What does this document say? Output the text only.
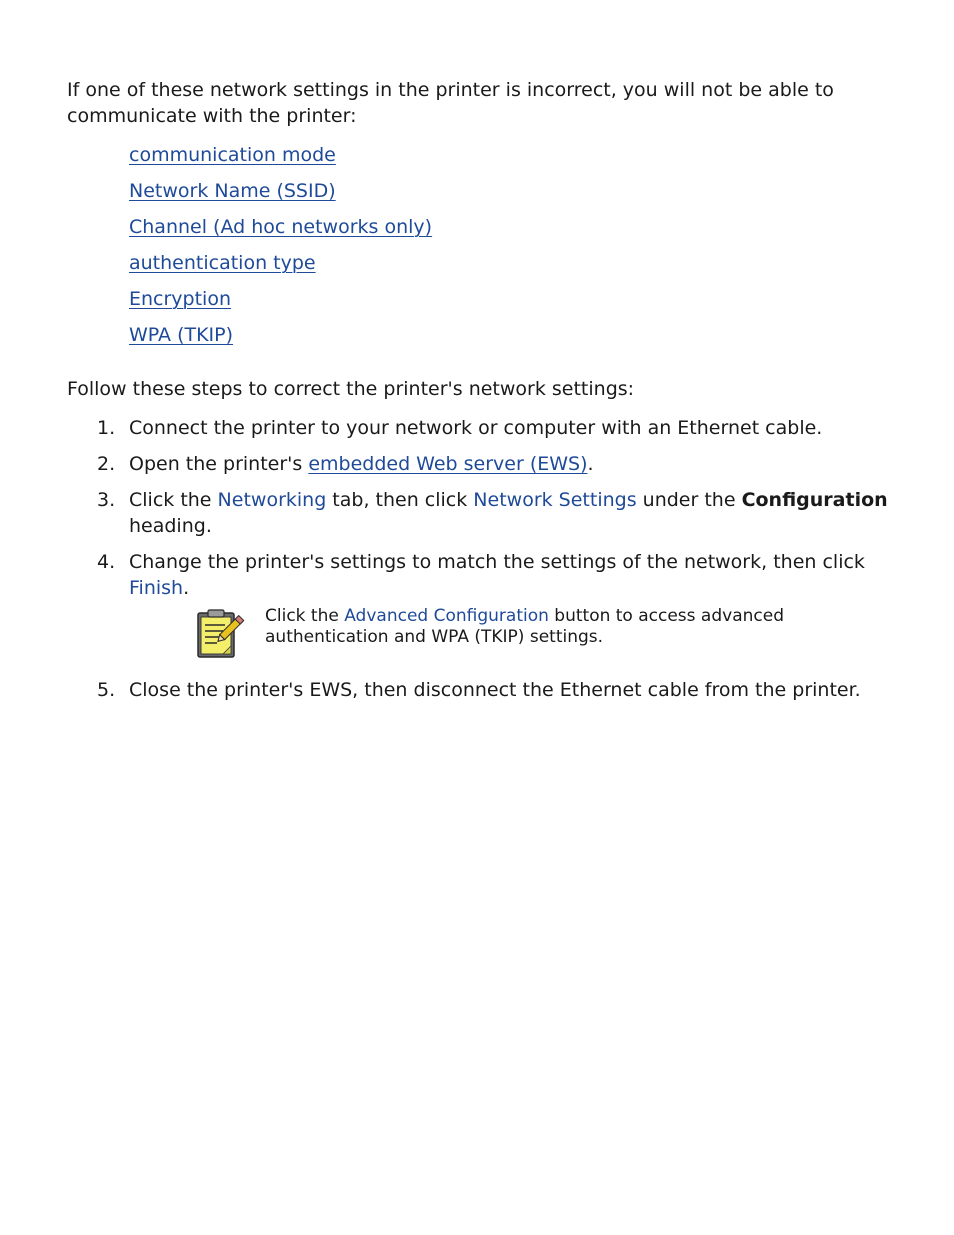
If one of these network settings in the printer is incorrect, you will not be able to communicate with the printer:

communication mode
Network Name (SSID)
Channel (Ad hoc networks only)
authentication type
Encryption
WPA (TKIP)

Follow these steps to correct the printer's network settings:

1. Connect the printer to your network or computer with an Ethernet cable.
2. Open the printer's embedded Web server (EWS).
3. Click the Networking tab, then click Network Settings under the Configuration heading.
4. Change the printer's settings to match the settings of the network, then click Finish.
Click the Advanced Configuration button to access advanced authentication and WPA (TKIP) settings.
5. Close the printer's EWS, then disconnect the Ethernet cable from the printer.
